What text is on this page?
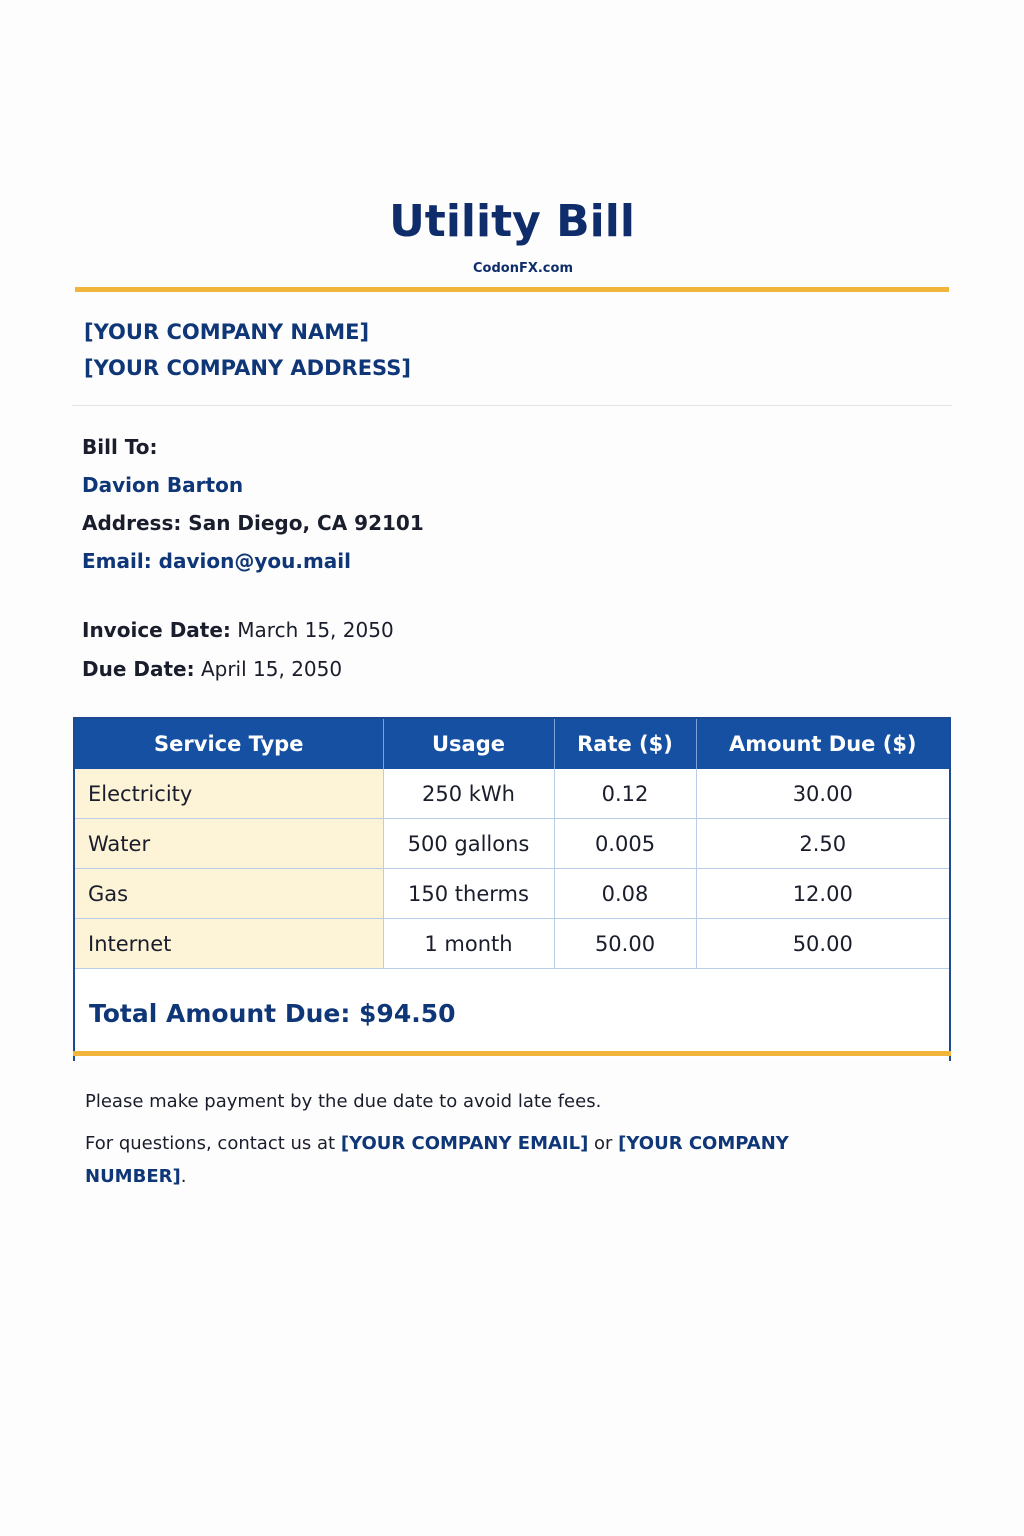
Utility Bill
CodonFX.com
[YOUR COMPANY NAME]
[YOUR COMPANY ADDRESS]
Bill To:
Davion Barton
Address: San Diego, CA 92101
Email: davion@you.mail
Invoice Date: March 15, 2050
Due Date: April 15, 2050
Service Type	Usage	Rate ($)	Amount Due ($)
Electricity	250 kWh	0.12	30.00
Water	500 gallons	0.005	2.50
Gas	150 therms	0.08	12.00
Internet	1 month	50.00	50.00
Total Amount Due: $94.50

Please make payment by the due date to avoid late fees.

For questions, contact us at [YOUR COMPANY EMAIL] or [YOUR COMPANY NUMBER].
